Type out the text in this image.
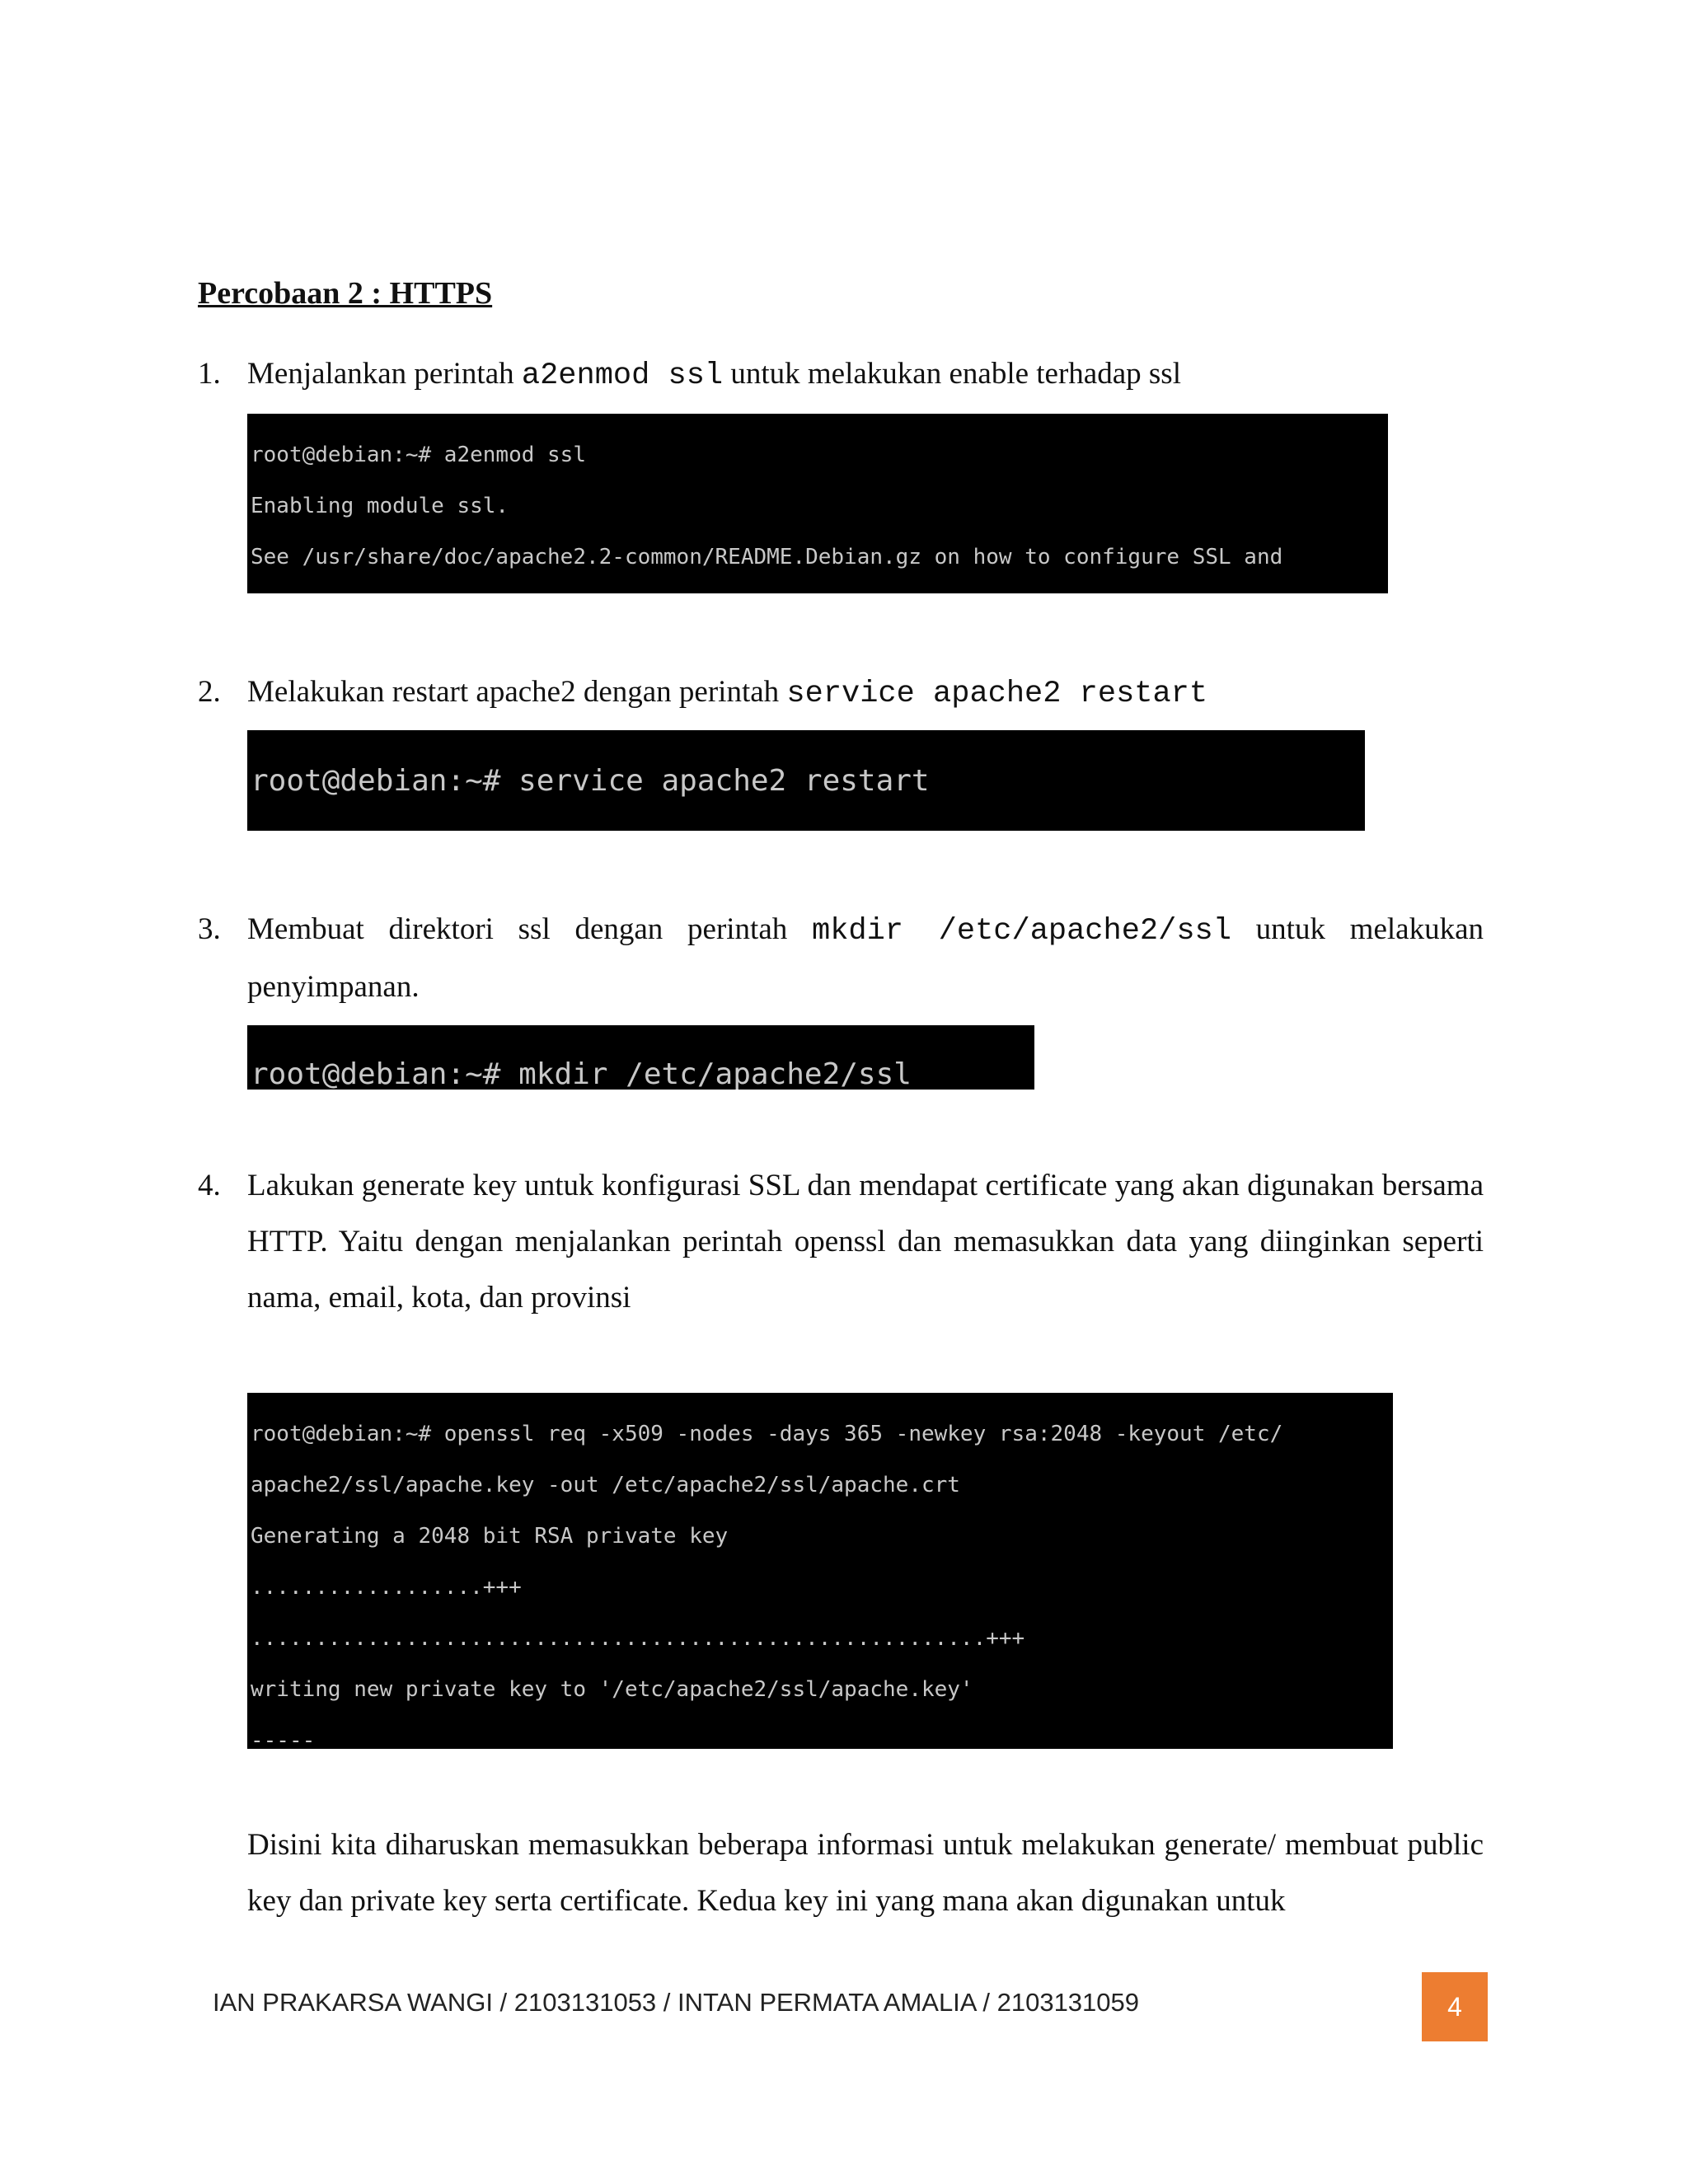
Percobaan 2 : HTTPS
1. Menjalankan perintah a2enmod ssl untuk melakukan enable terhadap ssl

root@debian:~# a2enmod ssl

Enabling module ssl.

See /usr/share/doc/apache2.2-common/README.Debian.gz on how to configure SSL and

2. Melakukan restart apache2 dengan perintah service apache2 restart

root@debian:~# service apache2 restart

3. Membuat direktori ssl dengan perintah mkdir /etc/apache2/ssl untuk melakukan penyimpanan.

root@debian:~# mkdir /etc/apache2/ssl

4. Lakukan generate key untuk konfigurasi SSL dan mendapat certificate yang akan digunakan bersama HTTP. Yaitu dengan menjalankan perintah openssl dan memasukkan data yang diinginkan seperti nama, email, kota, dan provinsi

root@debian:~# openssl req -x509 -nodes -days 365 -newkey rsa:2048 -keyout /etc/

apache2/ssl/apache.key -out /etc/apache2/ssl/apache.crt

Generating a 2048 bit RSA private key

..................+++

.........................................................+++

writing new private key to '/etc/apache2/ssl/apache.key'

-----

Disini kita diharuskan memasukkan beberapa informasi untuk melakukan generate/ membuat public key dan private key serta certificate. Kedua key ini yang mana akan digunakan untuk
IAN PRAKARSA WANGI / 2103131053 / INTAN PERMATA AMALIA / 2103131059	4
